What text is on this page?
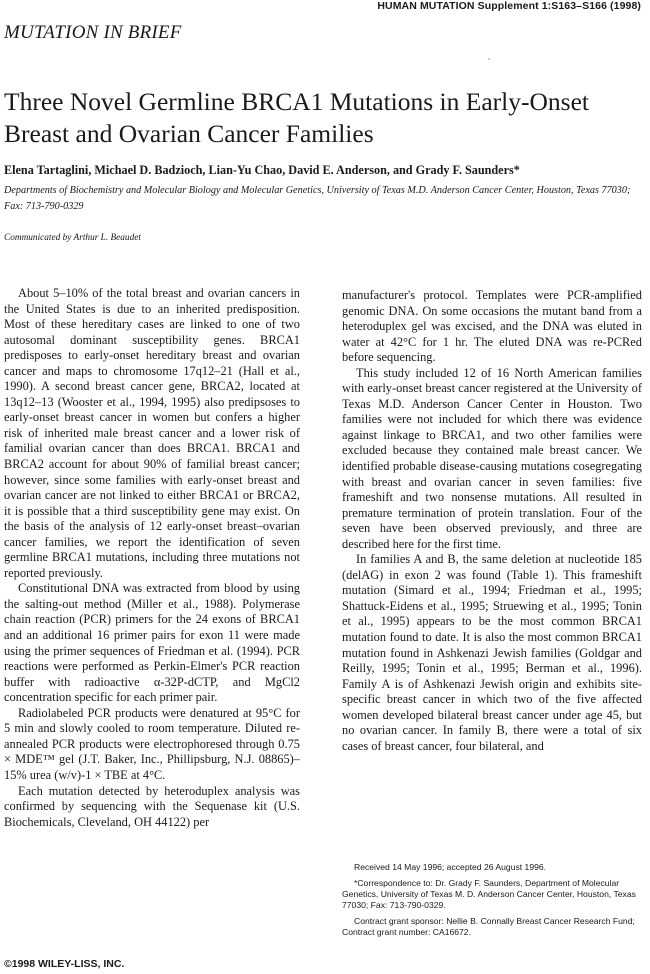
HUMAN MUTATION Supplement 1:S163–S166 (1998)
MUTATION IN BRIEF
Three Novel Germline BRCA1 Mutations in Early-Onset Breast and Ovarian Cancer Families
Elena Tartaglini, Michael D. Badzioch, Lian-Yu Chao, David E. Anderson, and Grady F. Saunders*
Departments of Biochemistry and Molecular Biology and Molecular Genetics, University of Texas M.D. Anderson Cancer Center, Houston, Texas 77030; Fax: 713-790-0329
Communicated by Arthur L. Beaudet

About 5–10% of the total breast and ovarian cancers in the United States is due to an inherited predisposition. Most of these hereditary cases are linked to one of two autosomal dominant susceptibility genes. BRCA1 predisposes to early-onset hereditary breast and ovarian cancer and maps to chromosome 17q12–21 (Hall et al., 1990). A second breast cancer gene, BRCA2, located at 13q12–13 (Wooster et al., 1994, 1995) also predipsoses to early-onset breast cancer in women but confers a higher risk of inherited male breast cancer and a lower risk of familial ovarian cancer than does BRCA1. BRCA1 and BRCA2 account for about 90% of familial breast cancer; however, since some families with early-onset breast and ovarian cancer are not linked to either BRCA1 or BRCA2, it is possible that a third susceptibility gene may exist. On the basis of the analysis of 12 early-onset breast–ovarian cancer families, we report the identification of seven germline BRCA1 mutations, including three mutations not reported previously.

Constitutional DNA was extracted from blood by using the salting-out method (Miller et al., 1988). Polymerase chain reaction (PCR) primers for the 24 exons of BRCA1 and an additional 16 primer pairs for exon 11 were made using the primer sequences of Friedman et al. (1994). PCR reactions were performed as Perkin-Elmer's PCR reaction buffer with radioactive α-32P-dCTP, and MgCl2 concentration specific for each primer pair.

Radiolabeled PCR products were denatured at 95°C for 5 min and slowly cooled to room temperature. Diluted re-annealed PCR products were electrophoresed through 0.75 × MDE™ gel (J.T. Baker, Inc., Phillipsburg, N.J. 08865)–15% urea (w/v)-1 × TBE at 4°C.

Each mutation detected by heteroduplex analysis was confirmed by sequencing with the Sequenase kit (U.S. Biochemicals, Cleveland, OH 44122) per

manufacturer's protocol. Templates were PCR-amplified genomic DNA. On some occasions the mutant band from a heteroduplex gel was excised, and the DNA was eluted in water at 42°C for 1 hr. The eluted DNA was re-PCRed before sequencing.

This study included 12 of 16 North American families with early-onset breast cancer registered at the University of Texas M.D. Anderson Cancer Center in Houston. Two families were not included for which there was evidence against linkage to BRCA1, and two other families were excluded because they contained male breast cancer. We identified probable disease-causing mutations cosegregating with breast and ovarian cancer in seven families: five frameshift and two nonsense mutations. All resulted in premature termination of protein translation. Four of the seven have been observed previously, and three are described here for the first time.

In families A and B, the same deletion at nucleotide 185 (delAG) in exon 2 was found (Table 1). This frameshift mutation (Simard et al., 1994; Friedman et al., 1995; Shattuck-Eidens et al., 1995; Struewing et al., 1995; Tonin et al., 1995) appears to be the most common BRCA1 mutation found to date. It is also the most common BRCA1 mutation found in Ashkenazi Jewish families (Goldgar and Reilly, 1995; Tonin et al., 1995; Berman et al., 1996). Family A is of Ashkenazi Jewish origin and exhibits site-specific breast cancer in which two of the five affected women developed bilateral breast cancer under age 45, but no ovarian cancer. In family B, there were a total of six cases of breast cancer, four bilateral, and

Received 14 May 1996; accepted 26 August 1996.

*Correspondence to: Dr. Grady F. Saunders, Department of Molecular Genetics, University of Texas M. D. Anderson Cancer Center, Houston, Texas 77030; Fax: 713-790-0329.

Contract grant sponsor: Nellie B. Connally Breast Cancer Research Fund; Contract grant number: CA16672.

©1998 WILEY-LISS, INC.
